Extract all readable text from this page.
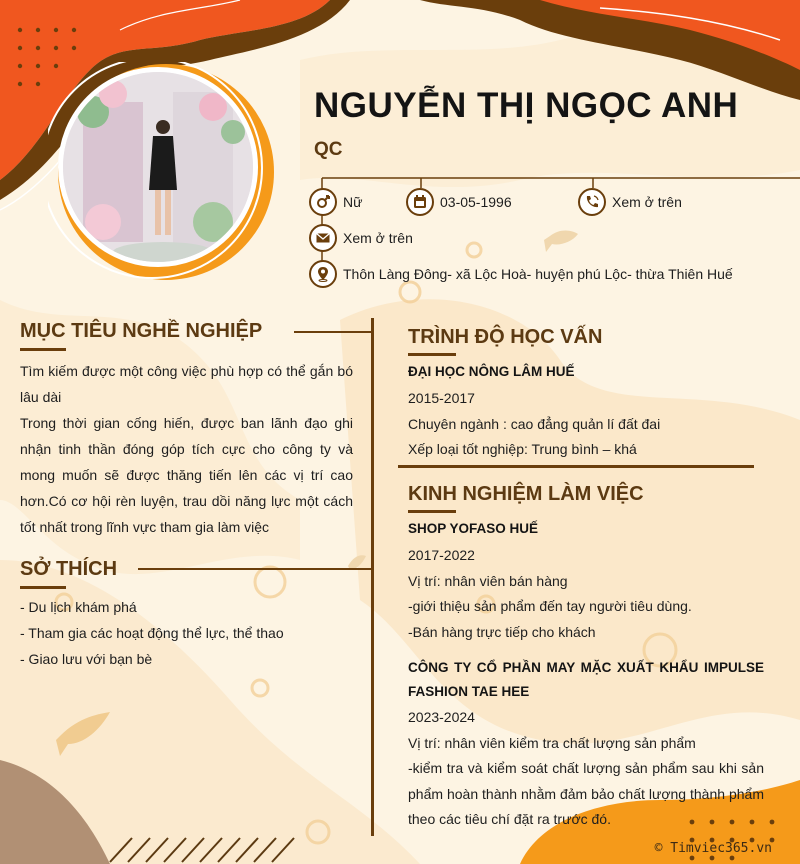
NGUYỄN THỊ NGỌC ANH
QC
Nữ	03-05-1996	Xem ở trên
Xem ở trên
Thôn Làng Đông- xã Lộc Hoà- huyện phú Lộc- thừa Thiên Huế
MỤC TIÊU NGHỀ NGHIỆP
Tìm kiếm được một công việc phù hợp có thể gắn bó lâu dài
Trong thời gian cống hiến, được ban lãnh đạo ghi nhận tinh thần đóng góp tích cực cho công ty và mong muốn sẽ được thăng tiến lên các vị trí cao hơn.Có cơ hội rèn luyện, trau dồi năng lực một cách tốt nhất trong lĩnh vực tham gia làm việc
SỞ THÍCH
- Du lịch khám phá
- Tham gia các hoạt động thể lực, thể thao
- Giao lưu với bạn bè
TRÌNH ĐỘ HỌC VẤN
ĐẠI HỌC NÔNG LÂM HUẾ
2015-2017
Chuyên ngành : cao đẳng quản lí đất đai
Xếp loại tốt nghiệp: Trung bình – khá
KINH NGHIỆM LÀM VIỆC
SHOP YOFASO HUẾ
2017-2022
Vị trí: nhân viên bán hàng
-giới thiệu sản phẩm đến tay người tiêu dùng.
-Bán hàng trực tiếp cho khách
CÔNG TY CỔ PHẦN MAY MẶC XUẤT KHẨU IMPULSE FASHION TAE HEE
2023-2024
Vị trí: nhân viên kiểm tra chất lượng sản phẩm
-kiểm tra và kiểm soát chất lượng sản phẩm sau khi sản phẩm hoàn thành nhằm đảm bảo chất lượng thành phẩm theo các tiêu chí đặt ra trước đó.
© Timviec365.vn
